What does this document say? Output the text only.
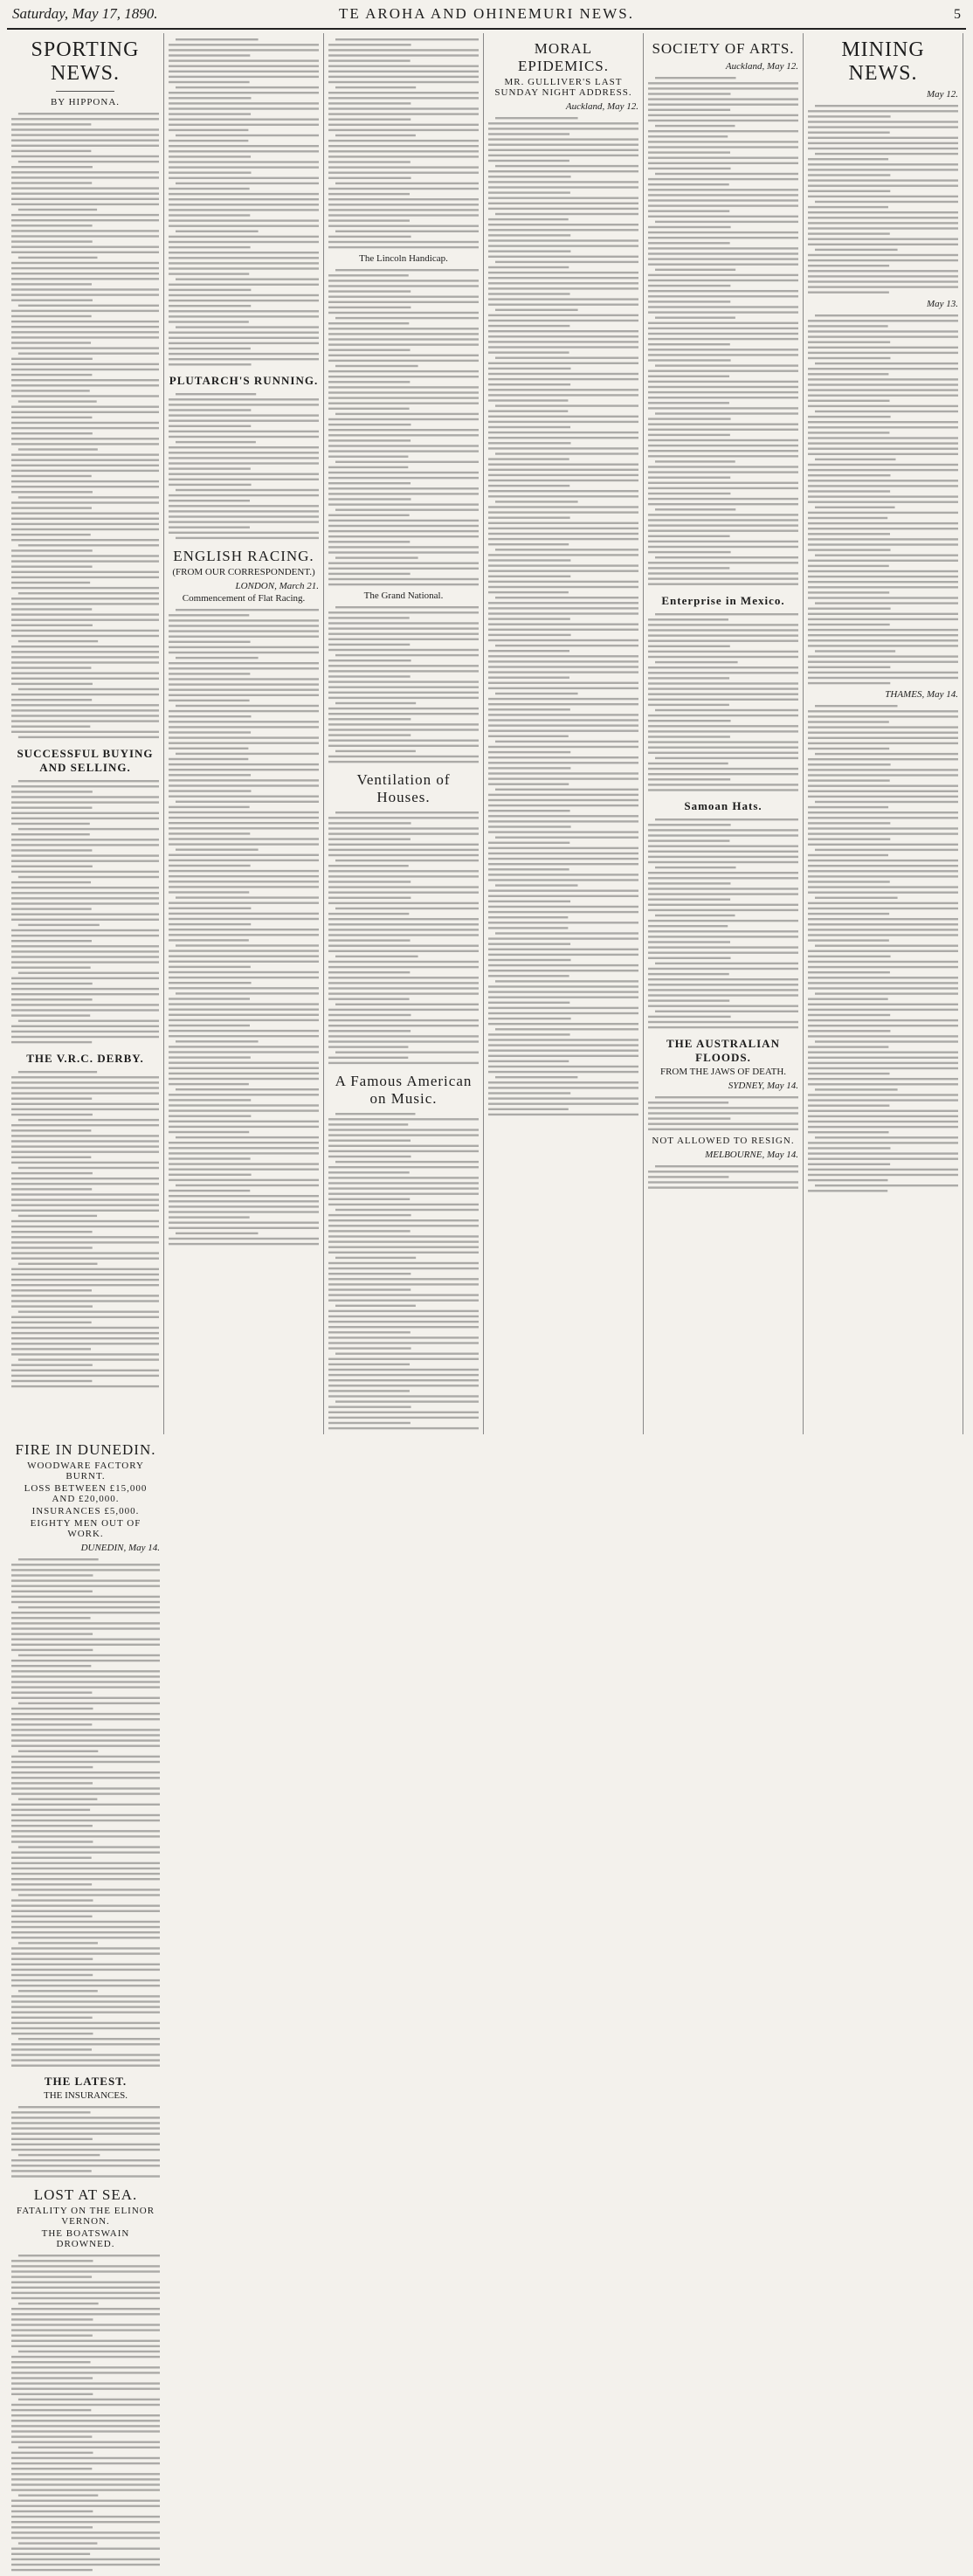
Saturday, May 17, 1890.	TE AROHA AND OHINEMURI NEWS.	5
SPORTING NEWS.
BY HIPPONA.
SUCCESSFUL BUYING AND SELLING.
THE V.R.C. DERBY.
PLUTARCH'S RUNNING.
ENGLISH RACING.
(FROM OUR CORRESPONDENT.)
LONDON, March 21.
Commencement of Flat Racing.
The Lincoln Handicap.
The Grand National.
Ventilation of Houses.
A Famous American on Music.
MORAL EPIDEMICS.
MR. GULLIVER'S LAST SUNDAY NIGHT ADDRESS.
Auckland, May 12.
SOCIETY OF ARTS.
Auckland, May 12.
Enterprise in Mexico.
Samoan Hats.
THE AUSTRALIAN FLOODS.
FROM THE JAWS OF DEATH.
SYDNEY, May 14.
NOT ALLOWED TO RESIGN.
MELBOURNE, May 14.
MINING NEWS.
May 12.
May 13.
THAMES, May 14.
FIRE IN DUNEDIN.
WOODWARE FACTORY BURNT.
LOSS BETWEEN £15,000 AND £20,000.
INSURANCES £5,000.
EIGHTY MEN OUT OF WORK.
DUNEDIN, May 14.
THE LATEST.
THE INSURANCES.
LOST AT SEA.
FATALITY ON THE ELINOR VERNON.
THE BOATSWAIN DROWNED.
